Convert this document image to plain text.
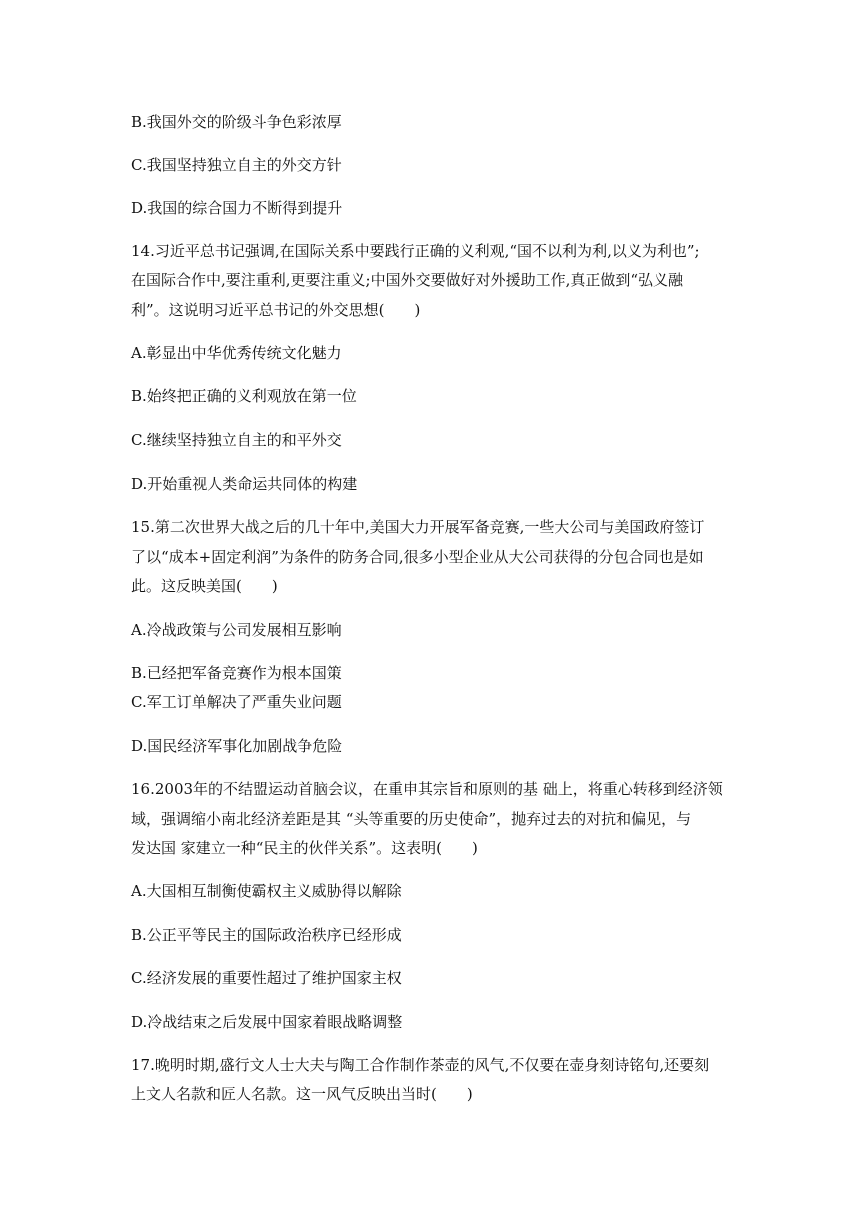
B.我国外交的阶级斗争色彩浓厚
C.我国坚持独立自主的外交方针
D.我国的综合国力不断得到提升
14.习近平总书记强调,在国际关系中要践行正确的义利观,“国不以利为利,以义为利也”;
在国际合作中,要注重利,更要注重义;中国外交要做好对外援助工作,真正做到“弘义融
利”。这说明习近平总书记的外交思想(　　)
A.彰显出中华优秀传统文化魅力
B.始终把正确的义利观放在第一位
C.继续坚持独立自主的和平外交
D.开始重视人类命运共同体的构建
15.第二次世界大战之后的几十年中,美国大力开展军备竞赛,一些大公司与美国政府签订
了以“成本+固定利润”为条件的防务合同,很多小型企业从大公司获得的分包合同也是如
此。这反映美国(　　)
A.冷战政策与公司发展相互影响
B.已经把军备竞赛作为根本国策
C.军工订单解决了严重失业问题
D.国民经济军事化加剧战争危险
16.2003年的不结盟运动首脑会议，在重申其宗旨和原则的基 础上，将重心转移到经济领
域，强调缩小南北经济差距是其 “头等重要的历史使命”，抛弃过去的对抗和偏见，与
发达国 家建立一种“民主的伙伴关系”。这表明(　　)
A.大国相互制衡使霸权主义威胁得以解除
B.公正平等民主的国际政治秩序已经形成
C.经济发展的重要性超过了维护国家主权
D.冷战结束之后发展中国家着眼战略调整
17.晚明时期,盛行文人士大夫与陶工合作制作茶壶的风气,不仅要在壶身刻诗铭句,还要刻
上文人名款和匠人名款。这一风气反映出当时(　　)
